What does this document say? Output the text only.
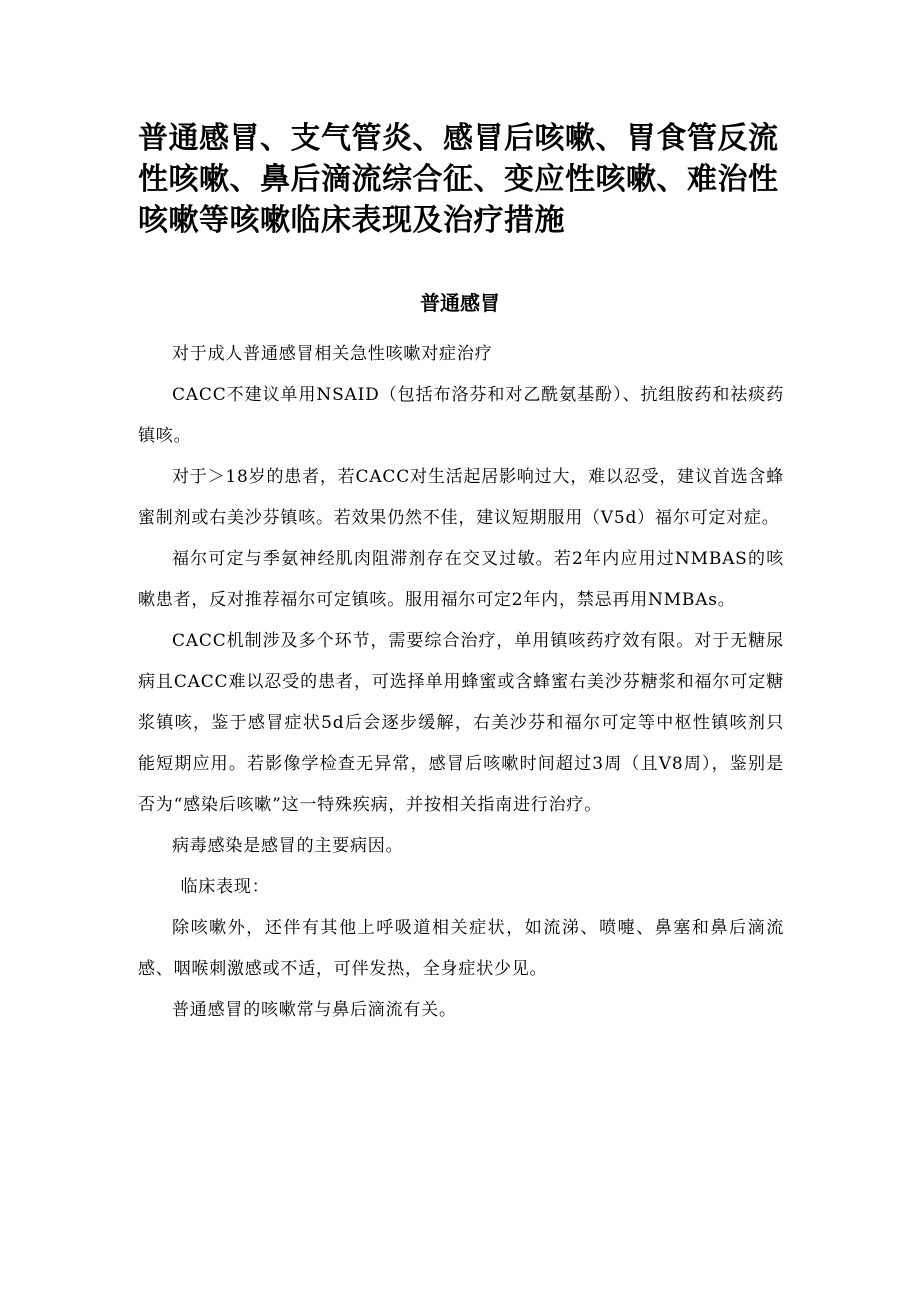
普通感冒、支气管炎、感冒后咳嗽、胃食管反流性咳嗽、鼻后滴流综合征、变应性咳嗽、难治性咳嗽等咳嗽临床表现及治疗措施
普通感冒

对于成人普通感冒相关急性咳嗽对症治疗

CACC不建议单用NSAID（包括布洛芬和对乙酰氨基酚）、抗组胺药和祛痰药镇咳。

对于＞18岁的患者，若CACC对生活起居影响过大，难以忍受，建议首选含蜂蜜制剂或右美沙芬镇咳。若效果仍然不佳，建议短期服用（V5d）福尔可定对症。

福尔可定与季氨神经肌肉阻滞剂存在交叉过敏。若2年内应用过NMBAS的咳嗽患者，反对推荐福尔可定镇咳。服用福尔可定2年内，禁忌再用NMBAs。

CACC机制涉及多个环节，需要综合治疗，单用镇咳药疗效有限。对于无糖尿病且CACC难以忍受的患者，可选择单用蜂蜜或含蜂蜜右美沙芬糖浆和福尔可定糖浆镇咳，鉴于感冒症状5d后会逐步缓解，右美沙芬和福尔可定等中枢性镇咳剂只能短期应用。若影像学检查无异常，感冒后咳嗽时间超过3周（且V8周），鉴别是否为“感染后咳嗽”这一特殊疾病，并按相关指南进行治疗。

病毒感染是感冒的主要病因。

临床表现：

除咳嗽外，还伴有其他上呼吸道相关症状，如流涕、喷嚏、鼻塞和鼻后滴流感、咽喉刺激感或不适，可伴发热，全身症状少见。

普通感冒的咳嗽常与鼻后滴流有关。
